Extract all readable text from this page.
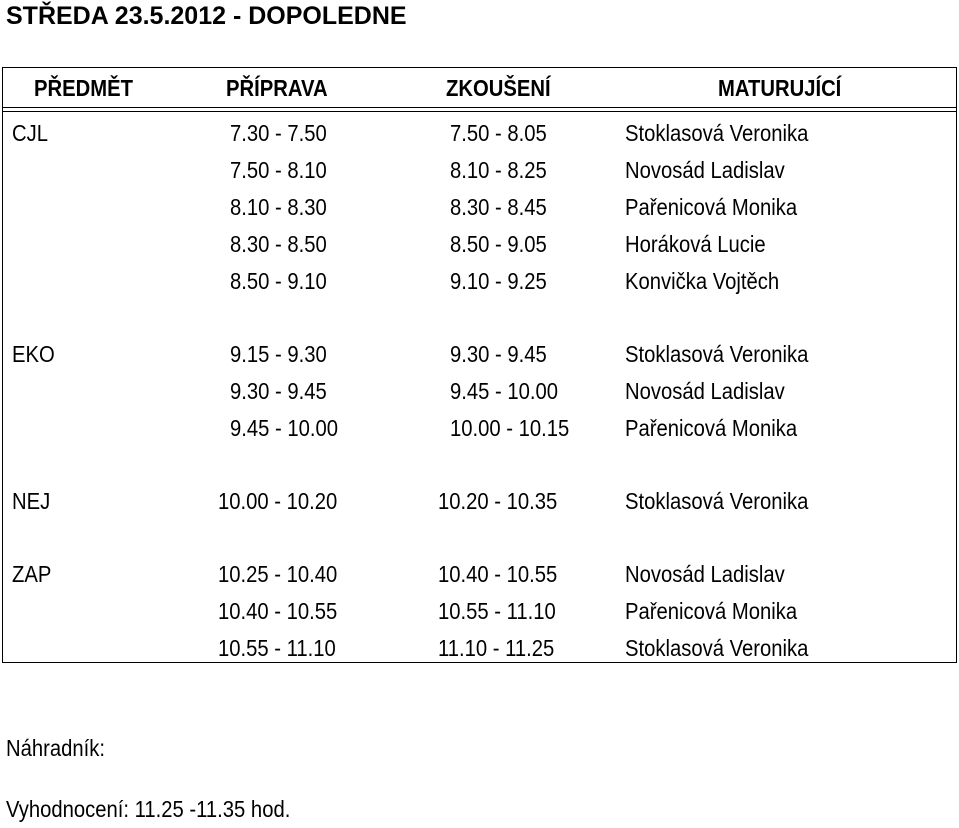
STŘEDA 23.5.2012 - DOPOLEDNE
PŘEDMĚT	PŘÍPRAVA	ZKOUŠENÍ	MATURUJÍCÍ
CJL	7.30 - 7.50	7.50 - 8.05	Stoklasová Veronika
7.50 - 8.10	8.10 - 8.25	Novosád Ladislav
8.10 - 8.30	8.30 - 8.45	Pařenicová Monika
8.30 - 8.50	8.50 - 9.05	Horáková Lucie
8.50 - 9.10	9.10 - 9.25	Konvička Vojtěch
EKO	9.15 - 9.30	9.30 - 9.45	Stoklasová Veronika
9.30 - 9.45	9.45 - 10.00	Novosád Ladislav
9.45 - 10.00	10.00 - 10.15 Pařenicová Monika
NEJ	10.00 - 10.20	10.20 - 10.35	Stoklasová Veronika
ZAP	10.25 - 10.40	10.40 - 10.55	Novosád Ladislav
10.40 - 10.55	10.55 - 11.10	Pařenicová Monika
10.55 - 11.10	11.10 - 11.25	Stoklasová Veronika
Náhradník:
Vyhodnocení: 11.25 -11.35 hod.
